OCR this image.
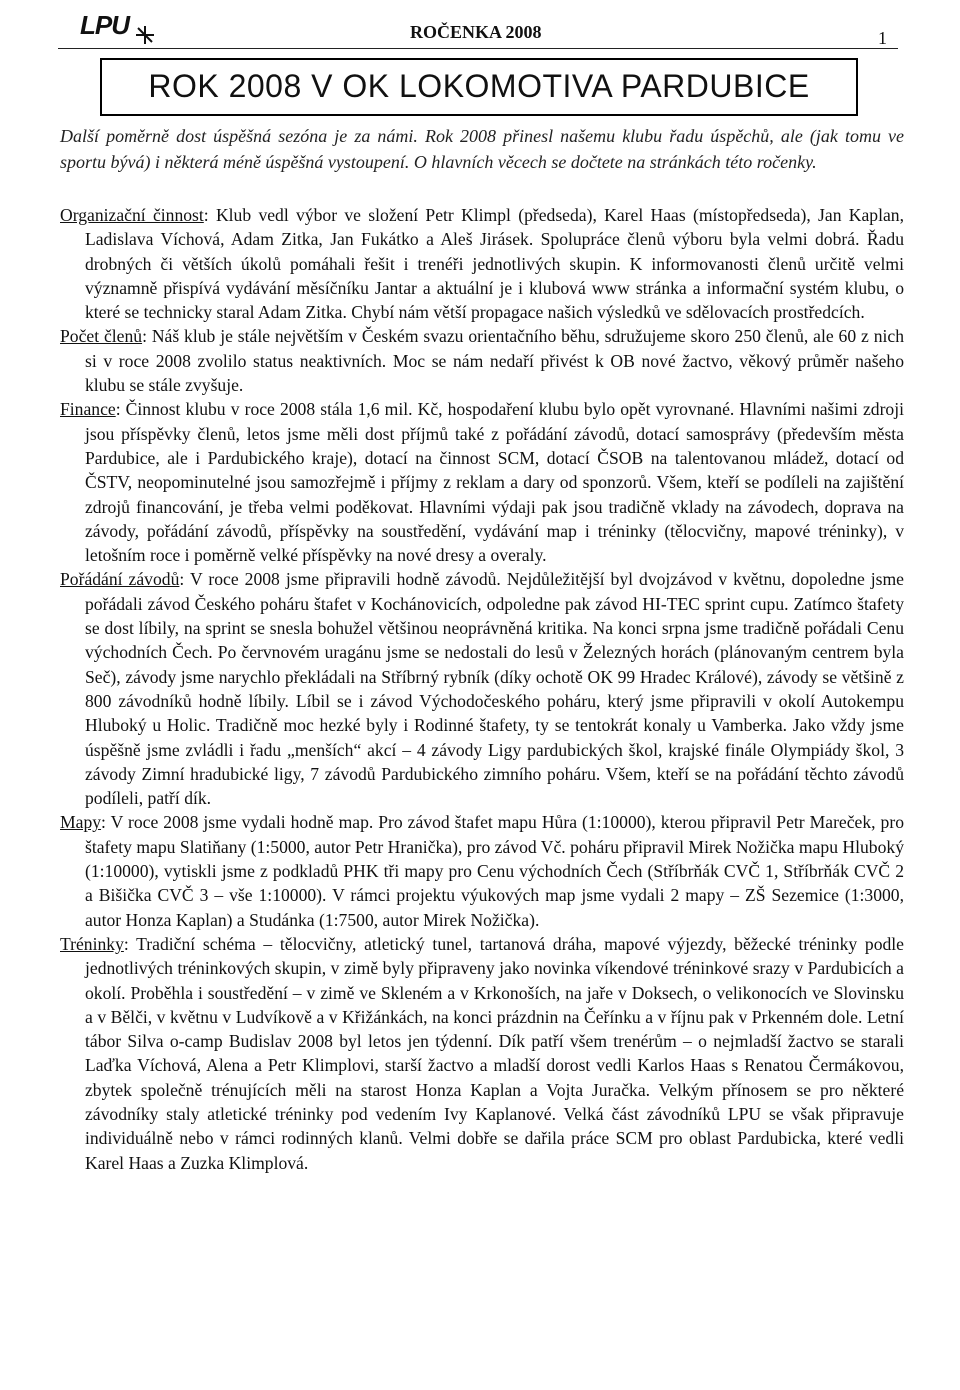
LPU	ROČENKA 2008	1
ROK 2008 V OK LOKOMOTIVA PARDUBICE
Další poměrně dost úspěšná sezóna je za námi. Rok 2008 přinesl našemu klubu řadu úspěchů, ale (jak tomu ve sportu bývá) i některá méně úspěšná vystoupení. O hlavních věcech se dočtete na stránkách této ročenky.

Organizační činnost: Klub vedl výbor ve složení Petr Klimpl (předseda), Karel Haas (místopředseda), Jan Kaplan, Ladislava Víchová, Adam Zitka, Jan Fukátko a Aleš Jirásek. Spolupráce členů výboru byla velmi dobrá. Řadu drobných či větších úkolů pomáhali řešit i trenéři jednotlivých skupin. K informovanosti členů určitě velmi významně přispívá vydávání měsíčníku Jantar a aktuální je i klubová www stránka a informační systém klubu, o které se technicky staral Adam Zitka. Chybí nám větší propagace našich výsledků ve sdělovacích prostředcích.

Počet členů: Náš klub je stále největším v Českém svazu orientačního běhu, sdružujeme skoro 250 členů, ale 60 z nich si v roce 2008 zvolilo status neaktivních. Moc se nám nedaří přivést k OB nové žactvo, věkový průměr našeho klubu se stále zvyšuje.

Finance: Činnost klubu v roce 2008 stála 1,6 mil. Kč, hospodaření klubu bylo opět vyrovnané. Hlavními našimi zdroji jsou příspěvky členů, letos jsme měli dost příjmů také z pořádání závodů, dotací samosprávy (především města Pardubice, ale i Pardubického kraje), dotací na činnost SCM, dotací ČSOB na talentovanou mládež, dotací od ČSTV, neopominutelné jsou samozřejmě i příjmy z reklam a dary od sponzorů. Všem, kteří se podíleli na zajištění zdrojů financování, je třeba velmi poděkovat. Hlavními výdaji pak jsou tradičně vklady na závodech, doprava na závody, pořádání závodů, příspěvky na soustředění, vydávání map i tréninky (tělocvičny, mapové tréninky), v letošním roce i poměrně velké příspěvky na nové dresy a overaly.

Pořádání závodů: V roce 2008 jsme připravili hodně závodů. Nejdůležitější byl dvojzávod v květnu, dopoledne jsme pořádali závod Českého poháru štafet v Kochánovicích, odpoledne pak závod HI-TEC sprint cupu. Zatímco štafety se dost líbily, na sprint se snesla bohužel většinou neoprávněná kritika. Na konci srpna jsme tradičně pořádali Cenu východních Čech. Po červnovém uragánu jsme se nedostali do lesů v Železných horách (plánovaným centrem byla Seč), závody jsme narychlo překládali na Stříbrný rybník (díky ochotě OK 99 Hradec Králové), závody se většině z 800 závodníků hodně líbily. Líbil se i závod Východočeského poháru, který jsme připravili v okolí Autokempu Hluboký u Holic. Tradičně moc hezké byly i Rodinné štafety, ty se tentokrát konaly u Vamberka. Jako vždy jsme úspěšně jsme zvládli i řadu „menších“ akcí – 4 závody Ligy pardubických škol, krajské finále Olympiády škol, 3 závody Zimní hradubické ligy, 7 závodů Pardubického zimního poháru. Všem, kteří se na pořádání těchto závodů podíleli, patří dík.

Mapy: V roce 2008 jsme vydali hodně map. Pro závod štafet mapu Hůra (1:10000), kterou připravil Petr Mareček, pro štafety mapu Slatiňany (1:5000, autor Petr Hranička), pro závod Vč. poháru připravil Mirek Nožička mapu Hluboký (1:10000), vytiskli jsme z podkladů PHK tři mapy pro Cenu východních Čech (Stříbrňák CVČ 1, Stříbrňák CVČ 2 a Bišička CVČ 3 – vše 1:10000). V rámci projektu výukových map jsme vydali 2 mapy – ZŠ Sezemice (1:3000, autor Honza Kaplan) a Studánka (1:7500, autor Mirek Nožička).

Tréninky: Tradiční schéma – tělocvičny, atletický tunel, tartanová dráha, mapové výjezdy, běžecké tréninky podle jednotlivých tréninkových skupin, v zimě byly připraveny jako novinka víkendové tréninkové srazy v Pardubicích a okolí. Proběhla i soustředění – v zimě ve Skleném a v Krkonoších, na jaře v Doksech, o velikonocích ve Slovinsku a v Bělči, v květnu v Ludvíkově a v Křižánkách, na konci prázdnin na Čeřínku a v říjnu pak v Prkenném dole. Letní tábor Silva o-camp Budislav 2008 byl letos jen týdenní. Dík patří všem trenérům – o nejmladší žactvo se starali Laďka Víchová, Alena a Petr Klimplovi, starší žactvo a mladší dorost vedli Karlos Haas s Renatou Čermákovou, zbytek společně trénujících měli na starost Honza Kaplan a Vojta Juračka. Velkým přínosem se pro některé závodníky staly atletické tréninky pod vedením Ivy Kaplanové. Velká část závodníků LPU se však připravuje individuálně nebo v rámci rodinných klanů. Velmi dobře se dařila práce SCM pro oblast Pardubicka, které vedli Karel Haas a Zuzka Klimplová.
